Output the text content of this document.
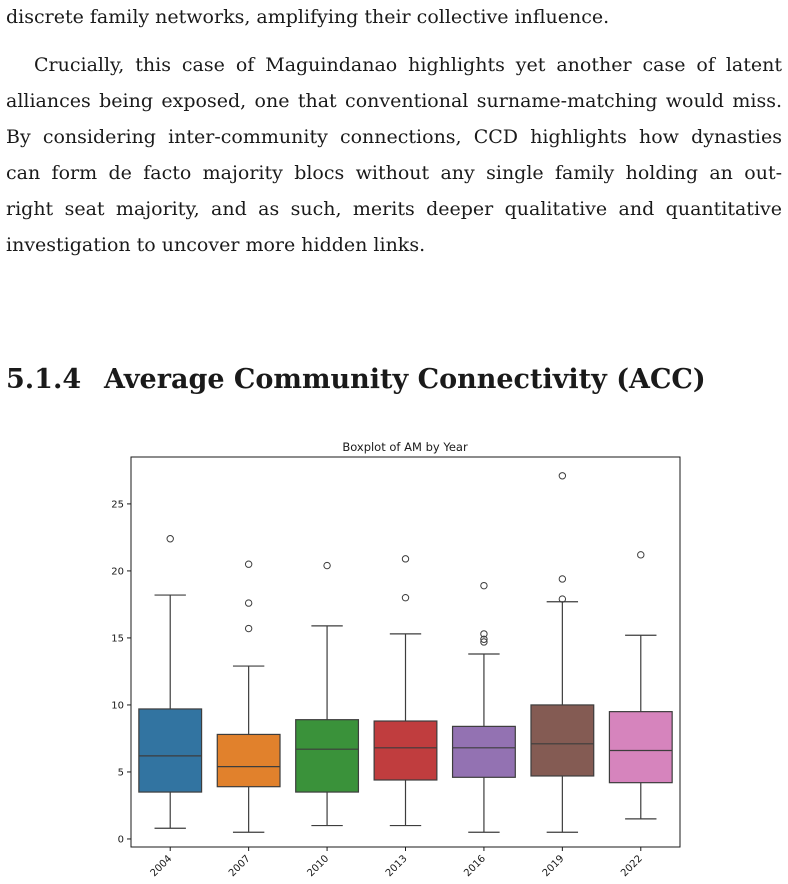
discrete family networks, amplifying their collective influence.
Crucially, this case of Maguindanao highlights yet another case of latent
alliances being exposed, one that conventional surname-matching would miss.
By considering inter-community connections, CCD highlights how dynasties
can form de facto majority blocs without any single family holding an out-
right seat majority, and as such, merits deeper qualitative and quantitative
investigation to uncover more hidden links.
5.1.4 Average Community Connectivity (ACC)
Boxplot of AM by Year
0
5
10
15
20
25
2004	2007	2010	2013	2016	2019	2022
